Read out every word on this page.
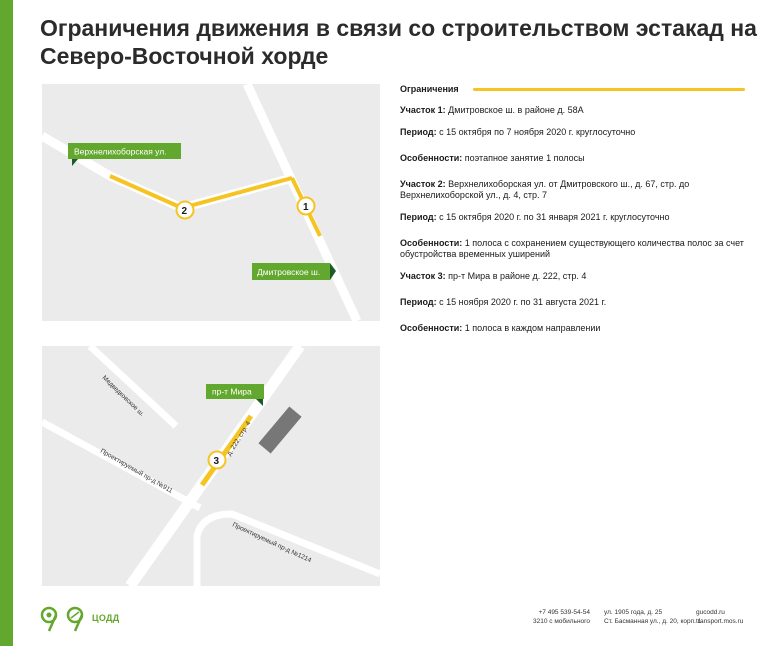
Ограничения движения в связи со строительством эстакад на Северо-Восточной хорде
Верхнелихоборская ул.
Дмитровское ш.
2	1
д. 222, стр. 4
Медведковское ш.
Проектируемый пр-д №911
Проектируемый пр-д №1214
пр-т Мира
3
Ограничения
Участок 1: Дмитровское ш. в районе д. 58А
Период: с 15 октября по 7 ноября 2020 г. круглосуточно
Особенности: поэтапное занятие 1 полосы
Участок 2: Верхнелихоборская ул. от Дмитровского ш., д. 67, стр. до Верхнелихоборской ул., д. 4, стр. 7
Период: с 15 октября 2020 г. по 31 января 2021 г. круглосуточно
Особенности: 1 полоса с сохранением существующего количества полос за счет обустройства временных уширений
Участок 3: пр-т Мира в районе д. 222, стр. 4
Период: с 15 ноября 2020 г. по 31 августа 2021 г.
Особенности: 1 полоса в каждом направлении
ЦОДД
+7 495 539-54-54
3210 с мобильного
ул. 1905 года, д. 25
Ст. Басманная ул., д. 20, корп. 1
gucodd.ru
transport.mos.ru
